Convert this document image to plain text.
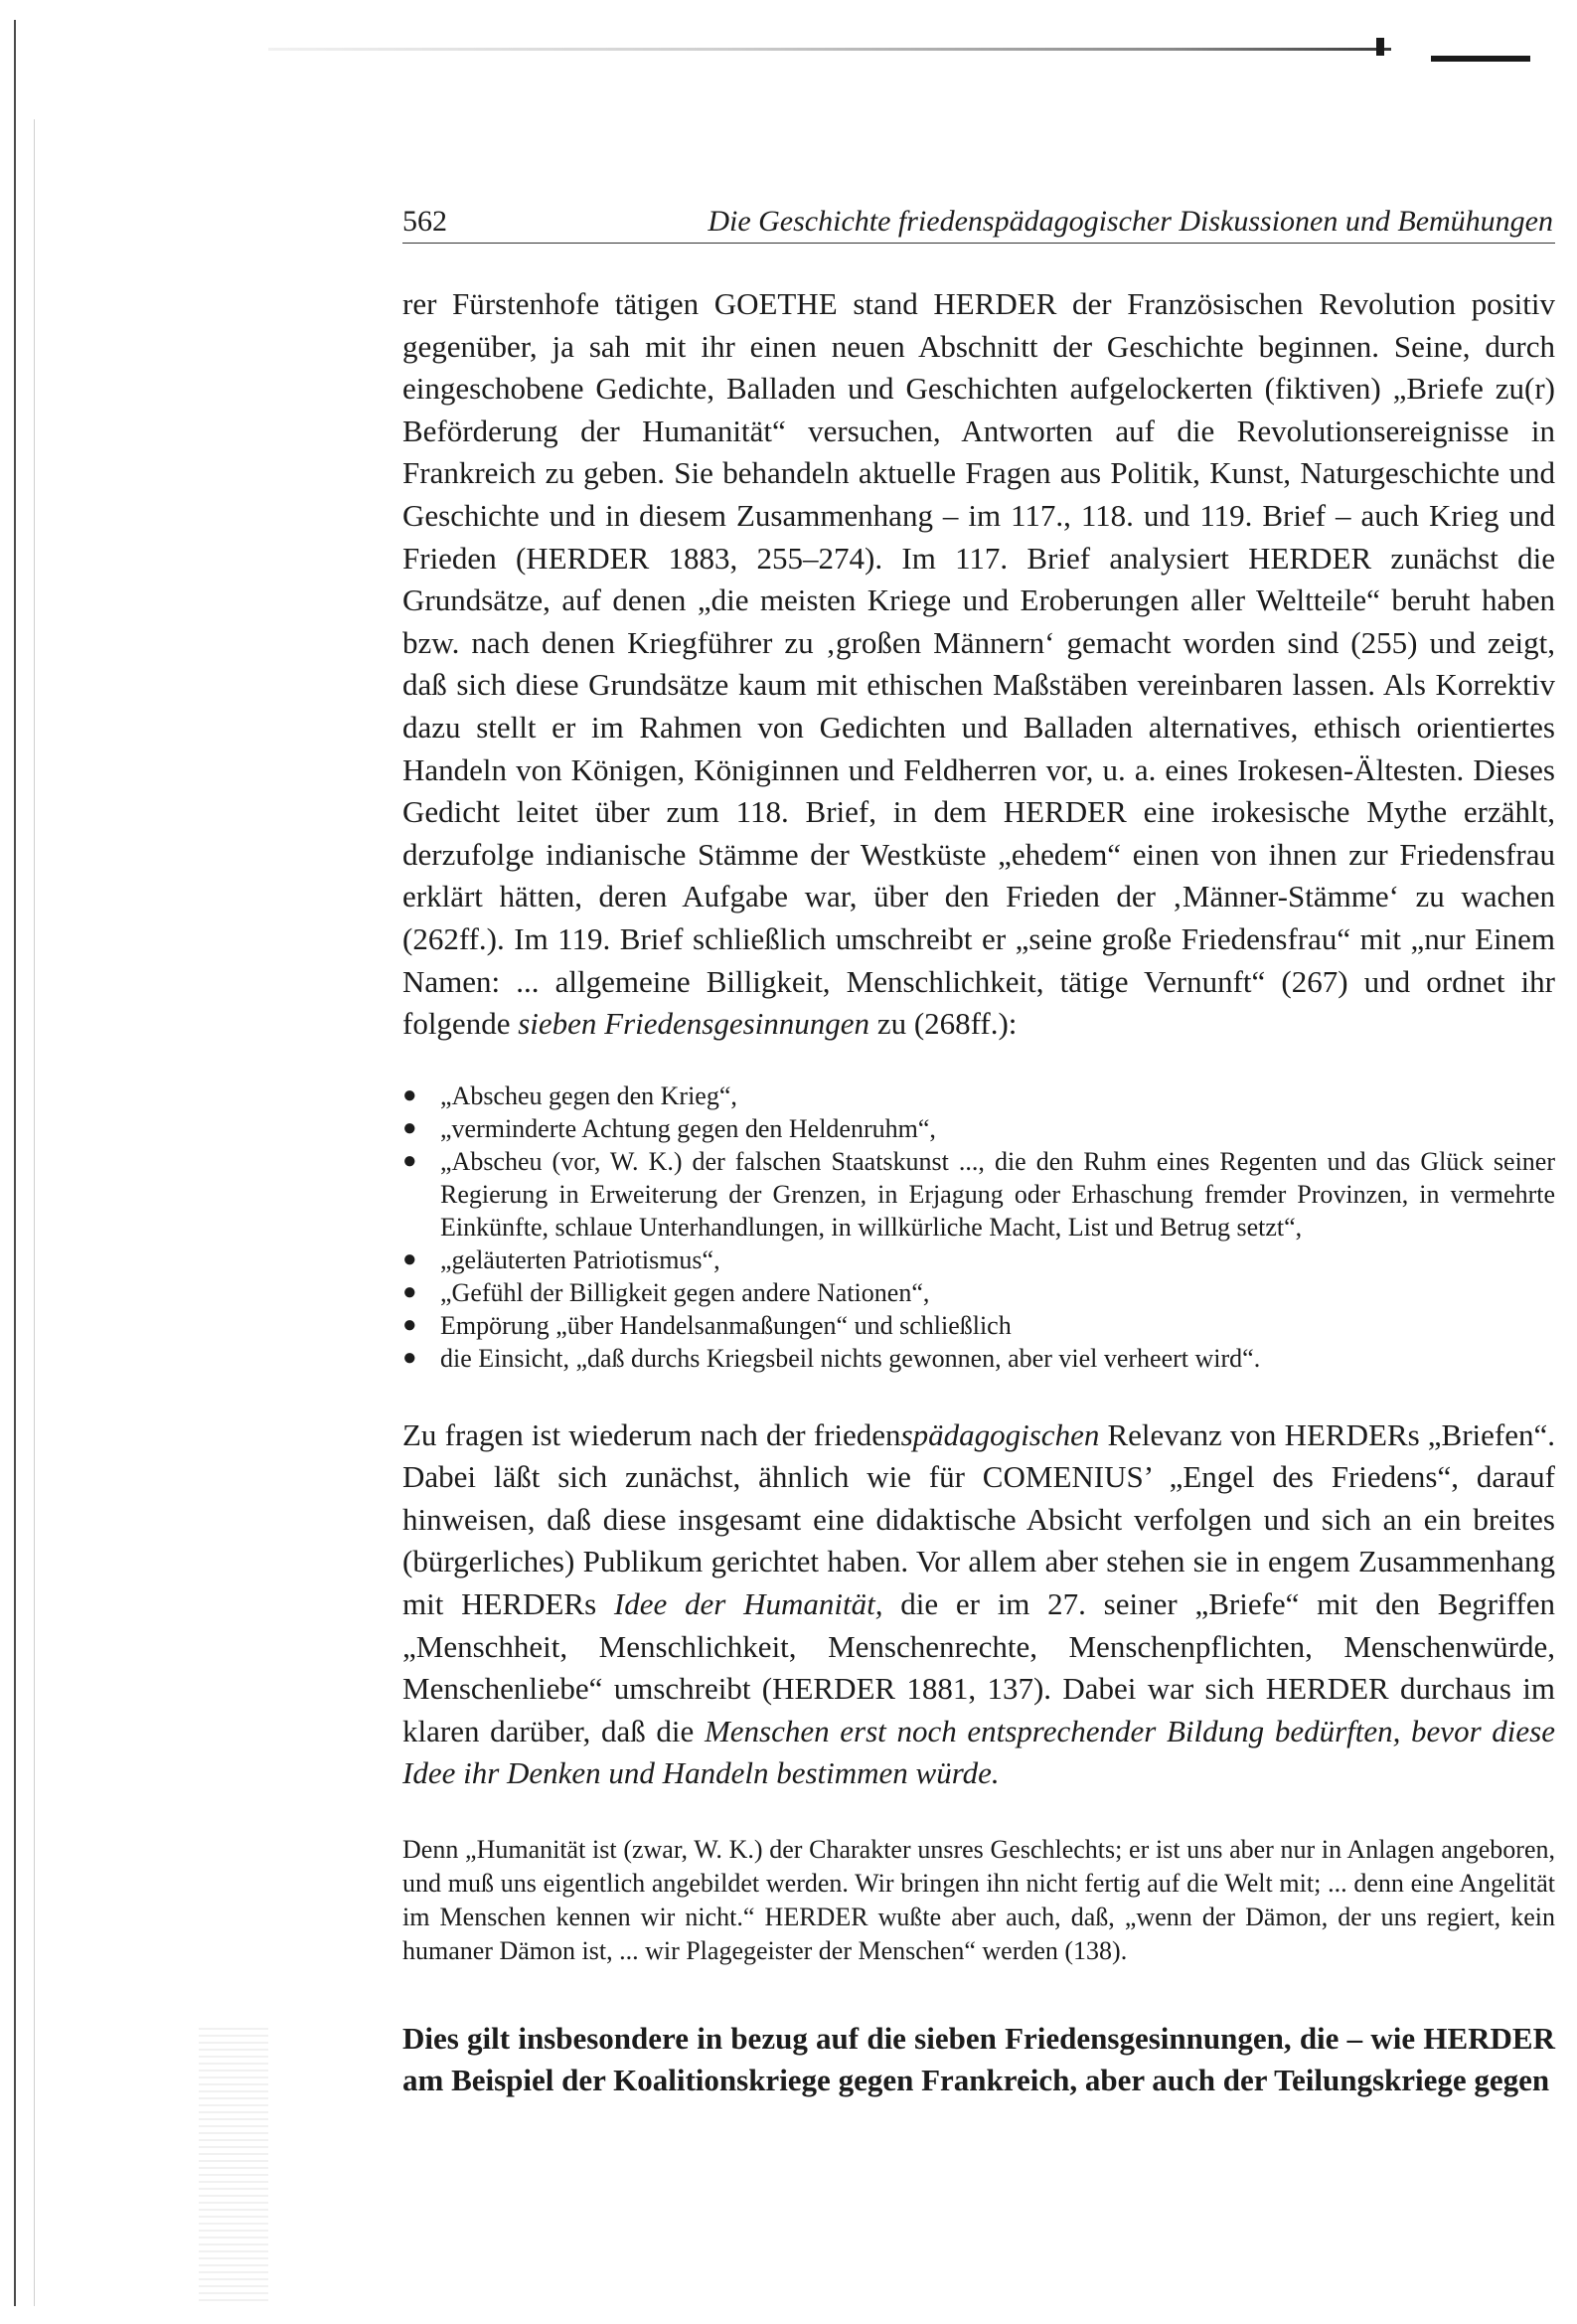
562	Die Geschichte friedenspädagogischer Diskussionen und Bemühungen

rer Fürstenhofe tätigen GOETHE stand HERDER der Französischen Revolution positiv gegenüber, ja sah mit ihr einen neuen Abschnitt der Geschichte beginnen. Seine, durch eingeschobene Gedichte, Balladen und Geschichten aufgelockerten (fiktiven) „Briefe zu(r) Beförderung der Humanität“ versuchen, Antworten auf die Revolutionsereignisse in Frankreich zu geben. Sie behandeln aktuelle Fragen aus Politik, Kunst, Naturgeschichte und Geschichte und in diesem Zusammenhang – im 117., 118. und 119. Brief – auch Krieg und Frieden (HERDER 1883, 255–274). Im 117. Brief analysiert HERDER zunächst die Grundsätze, auf denen „die meisten Kriege und Eroberungen aller Weltteile“ beruht haben bzw. nach denen Kriegführer zu ‚großen Männern‘ gemacht worden sind (255) und zeigt, daß sich diese Grundsätze kaum mit ethischen Maßstäben vereinbaren lassen. Als Korrektiv dazu stellt er im Rahmen von Gedichten und Balladen alternatives, ethisch orientiertes Handeln von Königen, Königinnen und Feldherren vor, u. a. eines Irokesen-Ältesten. Dieses Gedicht leitet über zum 118. Brief, in dem HERDER eine irokesische Mythe erzählt, derzufolge indianische Stämme der Westküste „ehedem“ einen von ihnen zur Friedensfrau erklärt hätten, deren Aufgabe war, über den Frieden der ‚Männer-Stämme‘ zu wachen (262ff.). Im 119. Brief schließlich umschreibt er „seine große Friedensfrau“ mit „nur Einem Namen: ... allgemeine Billigkeit, Menschlichkeit, tätige Vernunft“ (267) und ordnet ihr folgende sieben Friedensgesinnungen zu (268ff.):

● „Abscheu gegen den Krieg“,
● „verminderte Achtung gegen den Heldenruhm“,
● „Abscheu (vor, W. K.) der falschen Staatskunst ..., die den Ruhm eines Regenten und das Glück seiner Regierung in Erweiterung der Grenzen, in Erjagung oder Erhaschung fremder Provinzen, in vermehrte Einkünfte, schlaue Unterhandlungen, in willkürliche Macht, List und Betrug setzt“,
● „geläuterten Patriotismus“,
● „Gefühl der Billigkeit gegen andere Nationen“,
● Empörung „über Handelsanmaßungen“ und schließlich
● die Einsicht, „daß durchs Kriegsbeil nichts gewonnen, aber viel verheert wird“.

Zu fragen ist wiederum nach der friedenspädagogischen Relevanz von HERDERs „Briefen“. Dabei läßt sich zunächst, ähnlich wie für COMENIUS’ „Engel des Friedens“, darauf hinweisen, daß diese insgesamt eine didaktische Absicht verfolgen und sich an ein breites (bürgerliches) Publikum gerichtet haben. Vor allem aber stehen sie in engem Zusammenhang mit HERDERs Idee der Humanität, die er im 27. seiner „Briefe“ mit den Begriffen „Menschheit, Menschlichkeit, Menschenrechte, Menschenpflichten, Menschenwürde, Menschenliebe“ umschreibt (HERDER 1881, 137). Dabei war sich HERDER durchaus im klaren darüber, daß die Menschen erst noch entsprechender Bildung bedürften, bevor diese Idee ihr Denken und Handeln bestimmen würde.

Denn „Humanität ist (zwar, W. K.) der Charakter unsres Geschlechts; er ist uns aber nur in Anlagen angeboren, und muß uns eigentlich angebildet werden. Wir bringen ihn nicht fertig auf die Welt mit; ... denn eine Angelität im Menschen kennen wir nicht.“ HERDER wußte aber auch, daß, „wenn der Dämon, der uns regiert, kein humaner Dämon ist, ... wir Plagegeister der Menschen“ werden (138).

Dies gilt insbesondere in bezug auf die sieben Friedensgesinnungen, die – wie HERDER am Beispiel der Koalitionskriege gegen Frankreich, aber auch der Teilungskriege gegen
